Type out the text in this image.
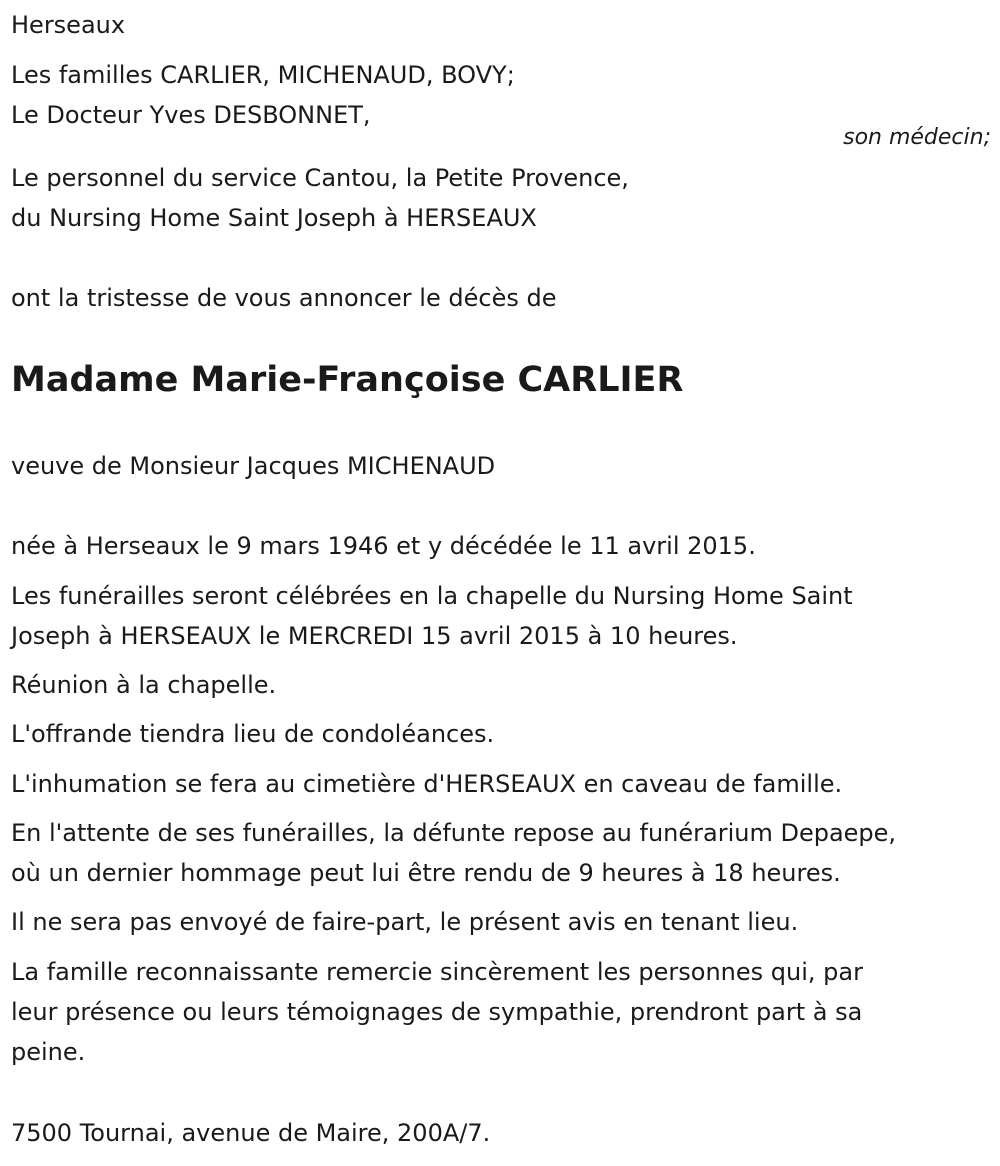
Herseaux
Les familles CARLIER, MICHENAUD, BOVY;
Le Docteur Yves DESBONNET,
son médecin;
Le personnel du service Cantou, la Petite Provence,
du Nursing Home Saint Joseph à HERSEAUX
ont la tristesse de vous annoncer le décès de
Madame Marie-Françoise CARLIER
veuve de Monsieur Jacques MICHENAUD
née à Herseaux le 9 mars 1946 et y décédée le 11 avril 2015.
Les funérailles seront célébrées en la chapelle du Nursing Home Saint
Joseph à HERSEAUX le MERCREDI 15 avril 2015 à 10 heures.
Réunion à la chapelle.
L'offrande tiendra lieu de condoléances.
L'inhumation se fera au cimetière d'HERSEAUX en caveau de famille.
En l'attente de ses funérailles, la défunte repose au funérarium Depaepe,
où un dernier hommage peut lui être rendu de 9 heures à 18 heures.
Il ne sera pas envoyé de faire-part, le présent avis en tenant lieu.
La famille reconnaissante remercie sincèrement les personnes qui, par
leur présence ou leurs témoignages de sympathie, prendront part à sa
peine.
7500 Tournai, avenue de Maire, 200A/7.
